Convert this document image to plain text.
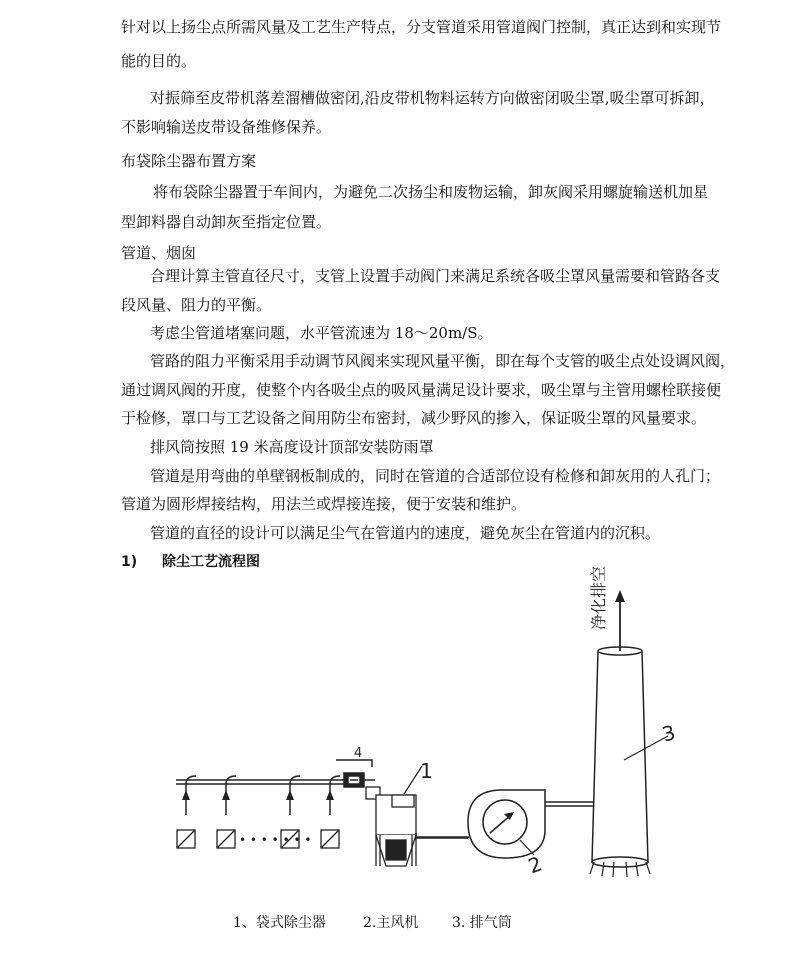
针对以上扬尘点所需风量及工艺生产特点，分支管道采用管道阀门控制，真正达到和实现节
能的目的。
对振筛至皮带机落差溜槽做密闭,沿皮带机物料运转方向做密闭吸尘罩,吸尘罩可拆卸，
不影响输送皮带设备维修保养。
布袋除尘器布置方案
将布袋除尘器置于车间内，为避免二次扬尘和废物运输，卸灰阀采用螺旋输送机加星
型卸料器自动卸灰至指定位置。
管道、烟囱
合理计算主管直径尺寸，支管上设置手动阀门来满足系统各吸尘罩风量需要和管路各支
段风量、阻力的平衡。
考虑尘管道堵塞问题，水平管流速为 18～20m/S。
管路的阻力平衡采用手动调节风阀来实现风量平衡，即在每个支管的吸尘点处设调风阀，
通过调风阀的开度，使整个内各吸尘点的吸风量满足设计要求，吸尘罩与主管用螺栓联接便
于检修，罩口与工艺设备之间用防尘布密封，减少野风的掺入，保证吸尘罩的风量要求。
排风筒按照 19 米高度设计顶部安装防雨罩
管道是用弯曲的单壁钢板制成的，同时在管道的合适部位设有检修和卸灰用的人孔门；
管道为圆形焊接结构，用法兰或焊接连接，便于安装和维护。
管道的直径的设计可以满足尘气在管道内的速度，避免灰尘在管道内的沉积。
1)	除尘工艺流程图
• • • • • • •
4
1
2
净化排空
3
1、袋式除尘器	2.主风机 3. 排气筒
